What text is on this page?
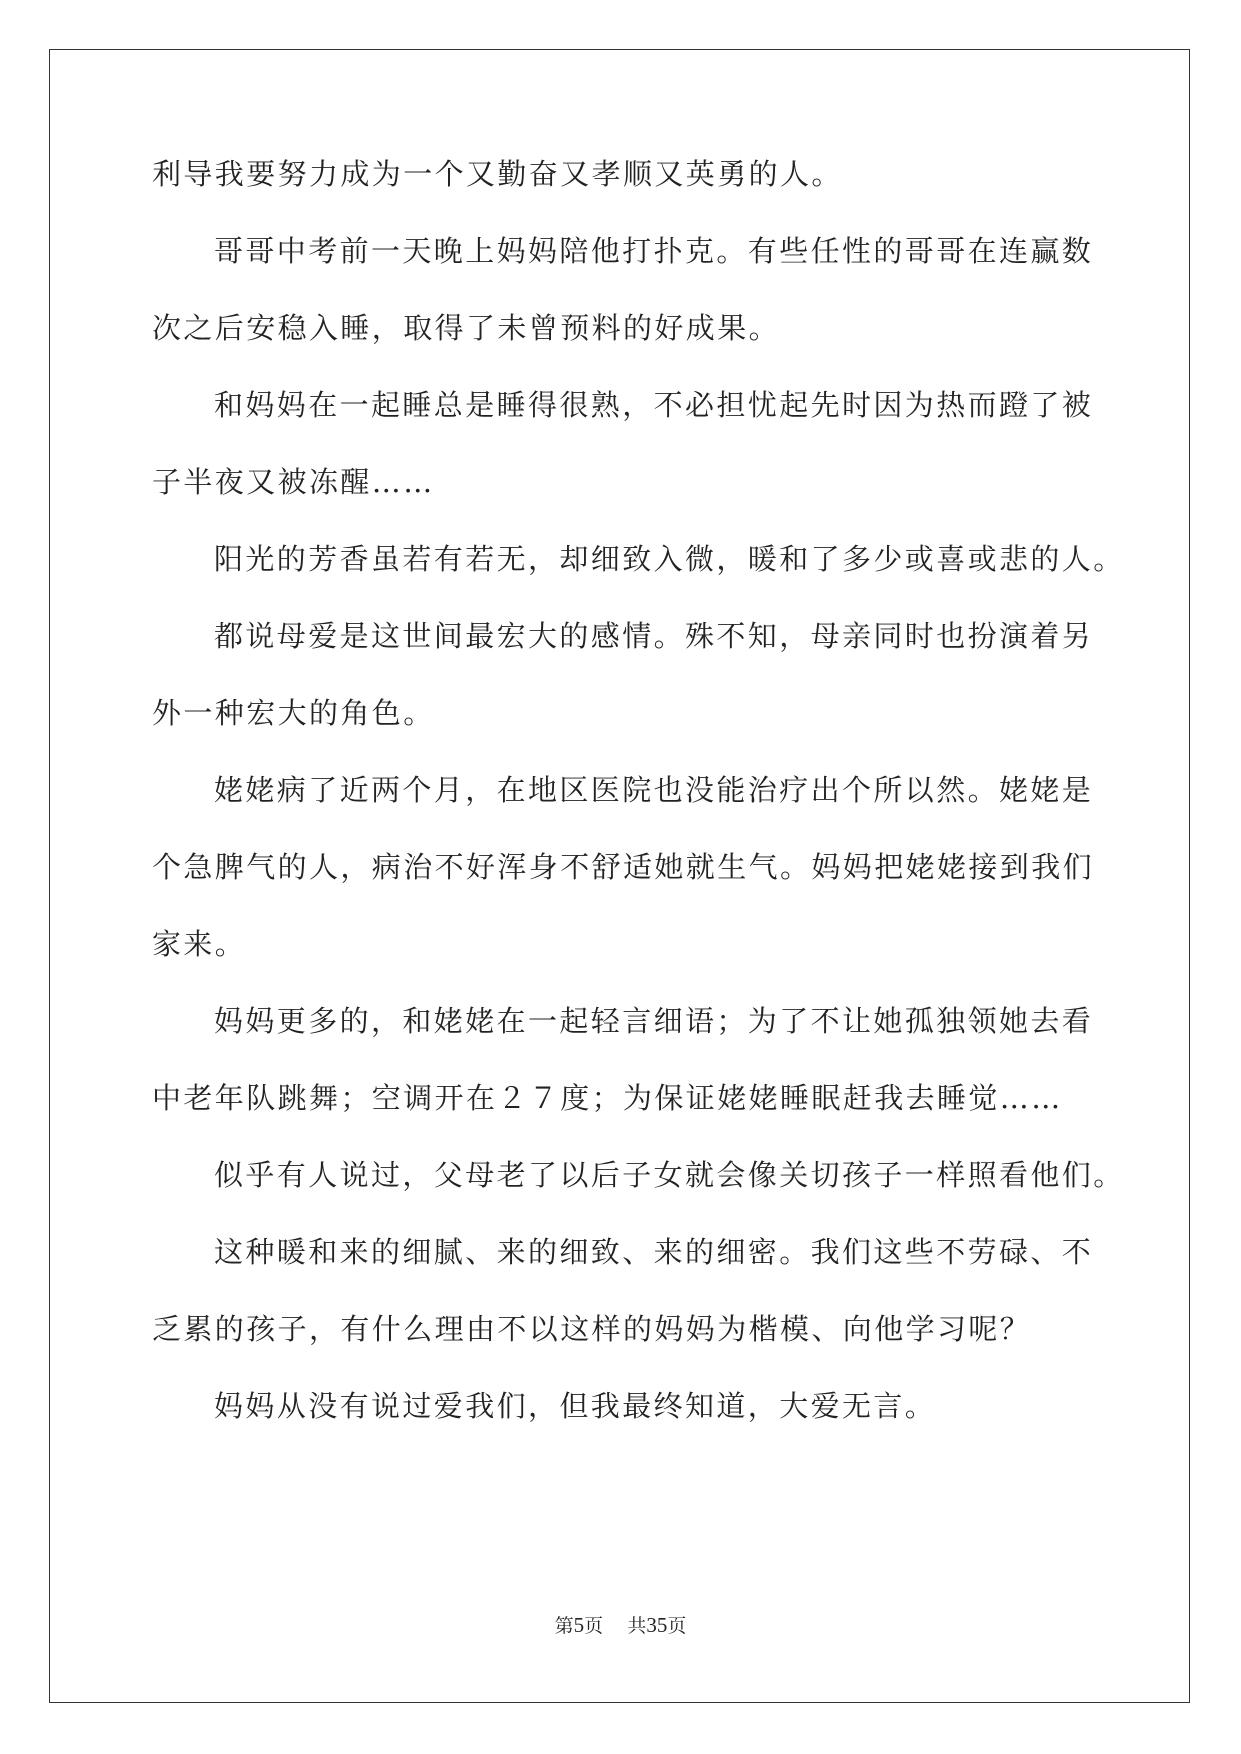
利导我要努力成为一个又勤奋又孝顺又英勇的人。
哥哥中考前一天晚上妈妈陪他打扑克。有些任性的哥哥在连赢数
次之后安稳入睡，取得了未曾预料的好成果。
和妈妈在一起睡总是睡得很熟，不必担忧起先时因为热而蹬了被
子半夜又被冻醒……
阳光的芳香虽若有若无，却细致入微，暖和了多少或喜或悲的人。
都说母爱是这世间最宏大的感情。殊不知，母亲同时也扮演着另
外一种宏大的角色。
姥姥病了近两个月，在地区医院也没能治疗出个所以然。姥姥是
个急脾气的人，病治不好浑身不舒适她就生气。妈妈把姥姥接到我们
家来。
妈妈更多的，和姥姥在一起轻言细语；为了不让她孤独领她去看
中老年队跳舞；空调开在２７度；为保证姥姥睡眠赶我去睡觉……
似乎有人说过，父母老了以后子女就会像关切孩子一样照看他们。
这种暖和来的细腻、来的细致、来的细密。我们这些不劳碌、不
乏累的孩子，有什么理由不以这样的妈妈为楷模、向他学习呢？
妈妈从没有说过爱我们，但我最终知道，大爱无言。
第5页 共35页
